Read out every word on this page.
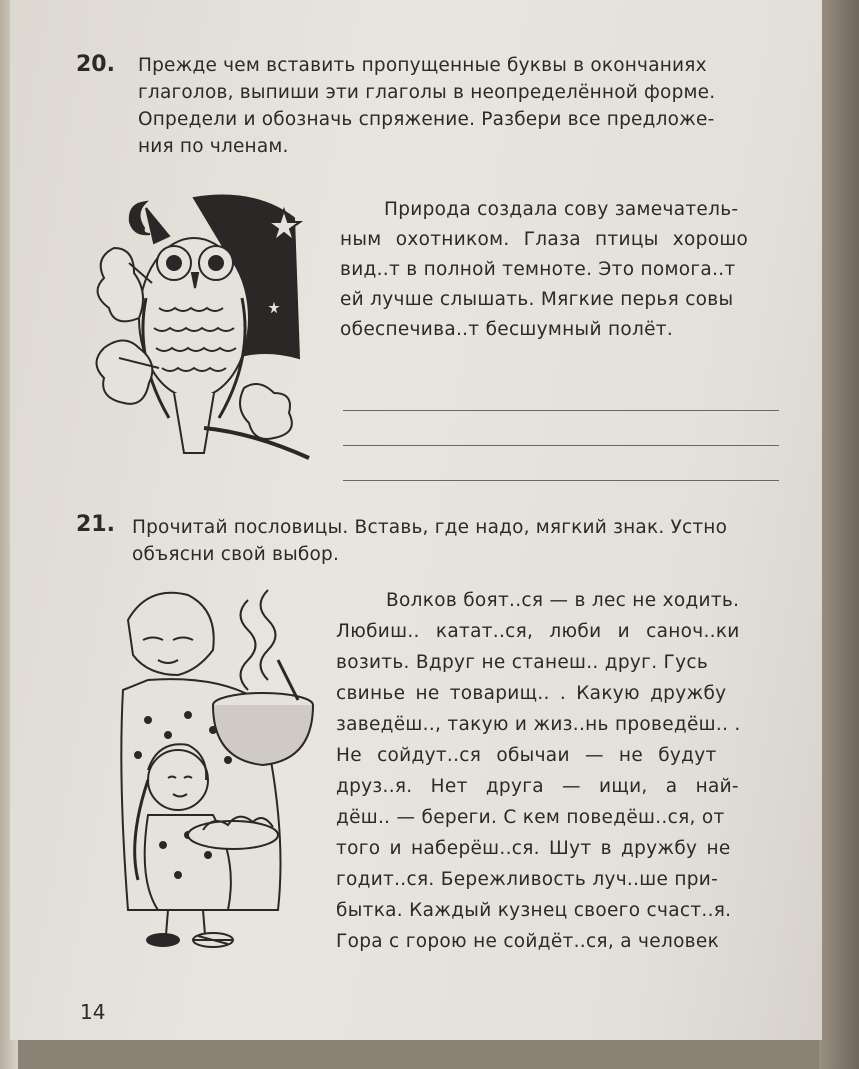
20. Прежде чем вставить пропущенные буквы в окончаниях
глаголов, выпиши эти глаголы в неопределённой форме.
Определи и обозначь спряжение. Разбери все предложе-
ния по членам.
Природа создала сову замечатель-
ным охотником. Глаза птицы хорошо
вид..т в полной темноте. Это помога..т
ей лучше слышать. Мягкие перья совы
обеспечива..т бесшумный полёт.
21. Прочитай пословицы. Вставь, где надо, мягкий знак. Устно
объясни свой выбор.
Волков боят..ся — в лес не ходить.
Любиш.. катат..ся, люби и саноч..ки
возить. Вдруг не станеш.. друг. Гусь
свинье не товарищ.. . Какую дружбу
заведёш.., такую и жиз..нь проведёш.. .
Не сойдут..ся обычаи — не будут
друз..я. Нет друга — ищи, а най-
дёш.. — береги. С кем поведёш..ся, от
того и наберёш..ся. Шут в дружбу не
годит..ся. Бережливость луч..ше при-
бытка. Каждый кузнец своего счаст..я.
Гора с горою не сойдёт..ся, а человек
14
